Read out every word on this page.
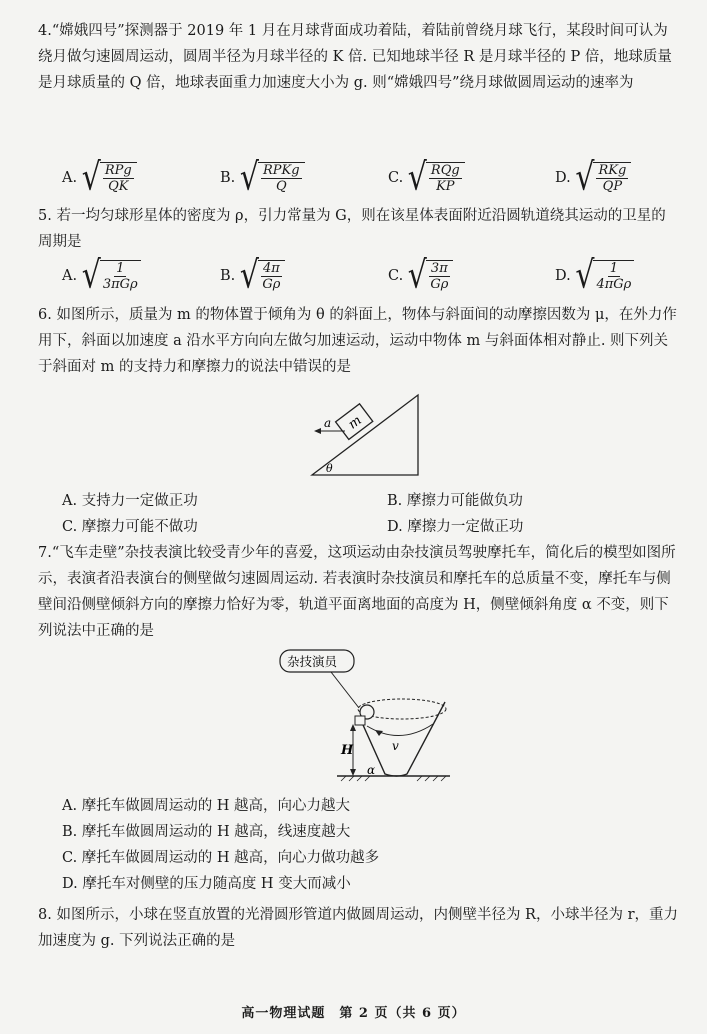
4.“嫦娥四号”探测器于 2019 年 1 月在月球背面成功着陆，着陆前曾绕月球飞行，某段时间可认为绕月做匀速圆周运动，圆周半径为月球半径的 K 倍. 已知地球半径 R 是月球半径的 P 倍，地球质量是月球质量的 Q 倍，地球表面重力加速度大小为 g. 则“嫦娥四号”绕月球做圆周运动的速率为

A. √ $\frac{\text{RPg}}{QK}$	B. √ $\frac{\text{RPKg}}{Q}$	C. √ $\frac{\text{RQg}}{KP}$	D. √ $\frac{\text{RKg}}{QP}$

5. 若一均匀球形星体的密度为 ρ，引力常量为 G，则在该星体表面附近沿圆轨道绕其运动的卫星的周期是

A. √ $\frac{1}{\text{3πGρ}}$	B. √ $\frac{4\pi}{G\rho}$	C. √ $\frac{3\pi}{G\rho}$	D. √ $\frac{1}{\text{4πGρ}}$

6. 如图所示，质量为 m 的物体置于倾角为 θ 的斜面上，物体与斜面间的动摩擦因数为 μ，在外力作用下，斜面以加速度 a 沿水平方向向左做匀加速运动，运动中物体 m 与斜面体相对静止. 则下列关于斜面对 m 的支持力和摩擦力的说法中错误的是

m
a
θ
A. 支持力一定做正功	B. 摩擦力可能做负功
C. 摩擦力可能不做功	D. 摩擦力一定做正功

7.“飞车走壁”杂技表演比较受青少年的喜爱，这项运动由杂技演员驾驶摩托车，简化后的模型如图所示，表演者沿表演台的侧壁做匀速圆周运动. 若表演时杂技演员和摩托车的总质量不变，摩托车与侧壁间沿侧壁倾斜方向的摩擦力恰好为零，轨道平面离地面的高度为 H，侧壁倾斜角度 α 不变，则下列说法中正确的是

杂技演员
v
H
α
A. 摩托车做圆周运动的 H 越高，向心力越大
B. 摩托车做圆周运动的 H 越高，线速度越大
C. 摩托车做圆周运动的 H 越高，向心力做功越多
D. 摩托车对侧壁的压力随高度 H 变大而减小

8. 如图所示，小球在竖直放置的光滑圆形管道内做圆周运动，内侧壁半径为 R，小球半径为 r，重力加速度为 g. 下列说法正确的是

高一物理试题　第 2 页（共 6 页）
